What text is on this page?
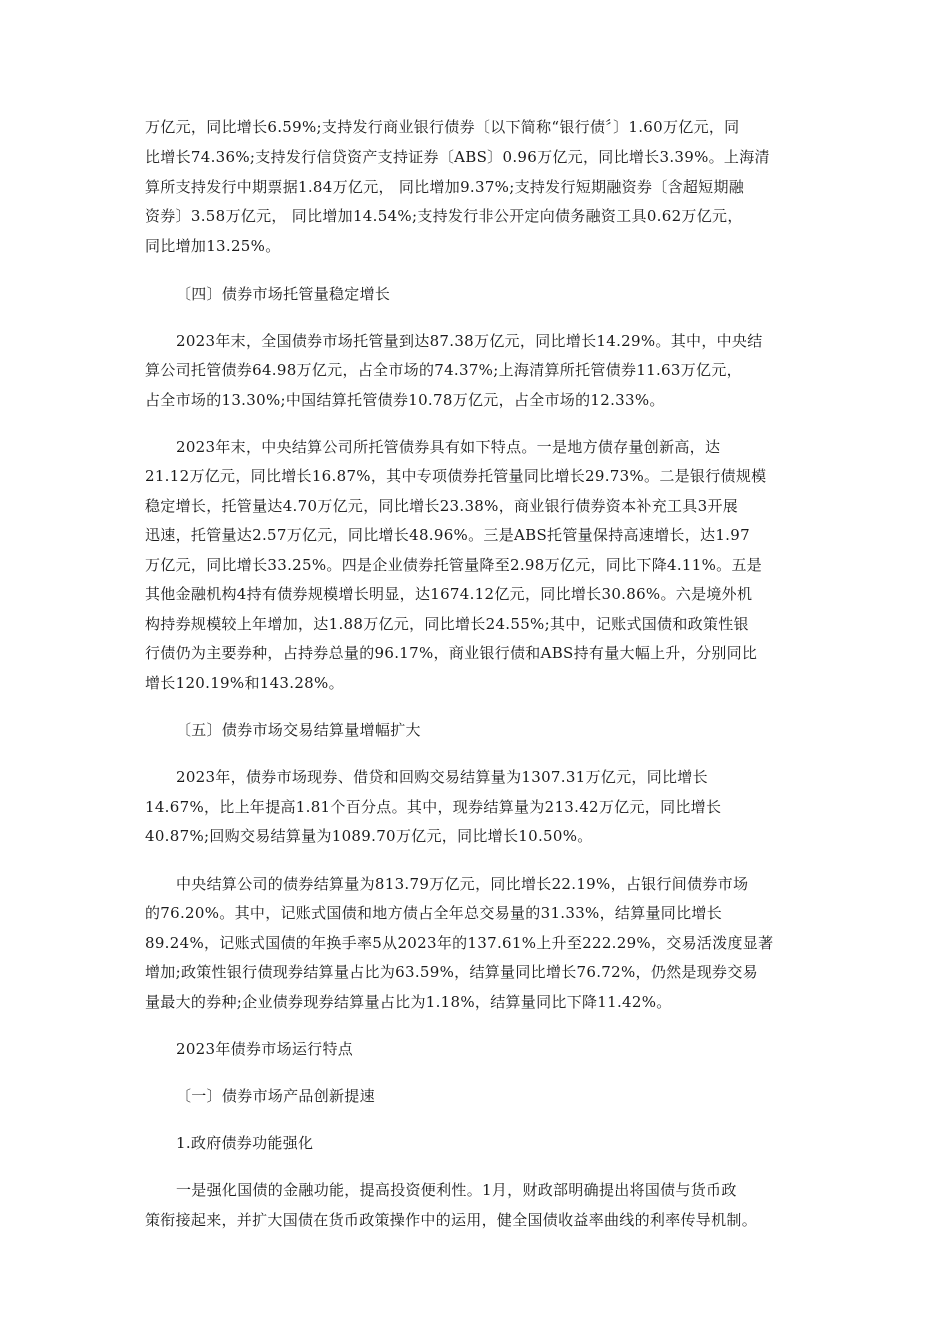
万亿元，同比增长6.59%;支持发行商业银行债券〔以下简称“银行债〞〕1.60万亿元，同
比增长74.36%;支持发行信贷资产支持证券〔ABS〕0.96万亿元，同比增长3.39%。上海清
算所支持发行中期票据1.84万亿元， 同比增加9.37%;支持发行短期融资券〔含超短期融
资券〕3.58万亿元， 同比增加14.54%;支持发行非公开定向债务融资工具0.62万亿元，
同比增加13.25%。
〔四〕债券市场托管量稳定增长
2023年末，全国债券市场托管量到达87.38万亿元，同比增长14.29%。其中，中央结
算公司托管债券64.98万亿元，占全市场的74.37%;上海清算所托管债券11.63万亿元，
占全市场的13.30%;中国结算托管债券10.78万亿元，占全市场的12.33%。
2023年末，中央结算公司所托管债券具有如下特点。一是地方债存量创新高，达
21.12万亿元，同比增长16.87%，其中专项债券托管量同比增长29.73%。二是银行债规模
稳定增长，托管量达4.70万亿元，同比增长23.38%，商业银行债券资本补充工具3开展
迅速，托管量达2.57万亿元，同比增长48.96%。三是ABS托管量保持高速增长，达1.97
万亿元，同比增长33.25%。四是企业债券托管量降至2.98万亿元，同比下降4.11%。五是
其他金融机构4持有债券规模增长明显，达1674.12亿元，同比增长30.86%。六是境外机
构持券规模较上年增加，达1.88万亿元，同比增长24.55%;其中，记账式国债和政策性银
行债仍为主要券种，占持券总量的96.17%，商业银行债和ABS持有量大幅上升，分别同比
增长120.19%和143.28%。
〔五〕债券市场交易结算量增幅扩大
2023年，债券市场现券、借贷和回购交易结算量为1307.31万亿元，同比增长
14.67%，比上年提高1.81个百分点。其中，现券结算量为213.42万亿元，同比增长
40.87%;回购交易结算量为1089.70万亿元，同比增长10.50%。
中央结算公司的债券结算量为813.79万亿元，同比增长22.19%，占银行间债券市场
的76.20%。其中，记账式国债和地方债占全年总交易量的31.33%，结算量同比增长
89.24%，记账式国债的年换手率5从2023年的137.61%上升至222.29%，交易活泼度显著
增加;政策性银行债现券结算量占比为63.59%，结算量同比增长76.72%，仍然是现券交易
量最大的券种;企业债券现券结算量占比为1.18%，结算量同比下降11.42%。
2023年债券市场运行特点
〔一〕债券市场产品创新提速
1.政府债券功能强化
一是强化国债的金融功能，提高投资便利性。1月，财政部明确提出将国债与货币政
策衔接起来，并扩大国债在货币政策操作中的运用，健全国债收益率曲线的利率传导机制。
